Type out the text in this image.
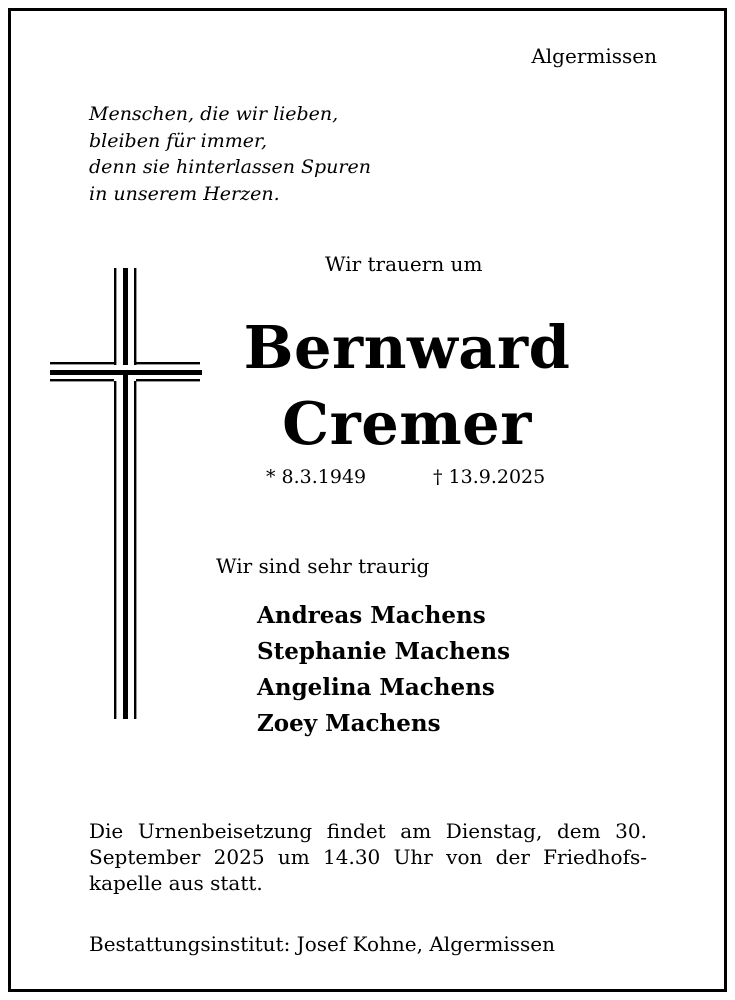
Algermissen
Menschen, die wir lieben,
bleiben für immer,
denn sie hinterlassen Spuren
in unserem Herzen.
Wir trauern um
Bernward
Cremer
* 8.3.1949	† 13.9.2025
Wir sind sehr traurig
Andreas Machens
Stephanie Machens
Angelina Machens
Zoey Machens
Die Urnenbeisetzung findet am Dienstag, dem 30. September 2025 um 14.30 Uhr von der Friedhofs-kapelle aus statt.
Bestattungsinstitut: Josef Kohne, Algermissen
